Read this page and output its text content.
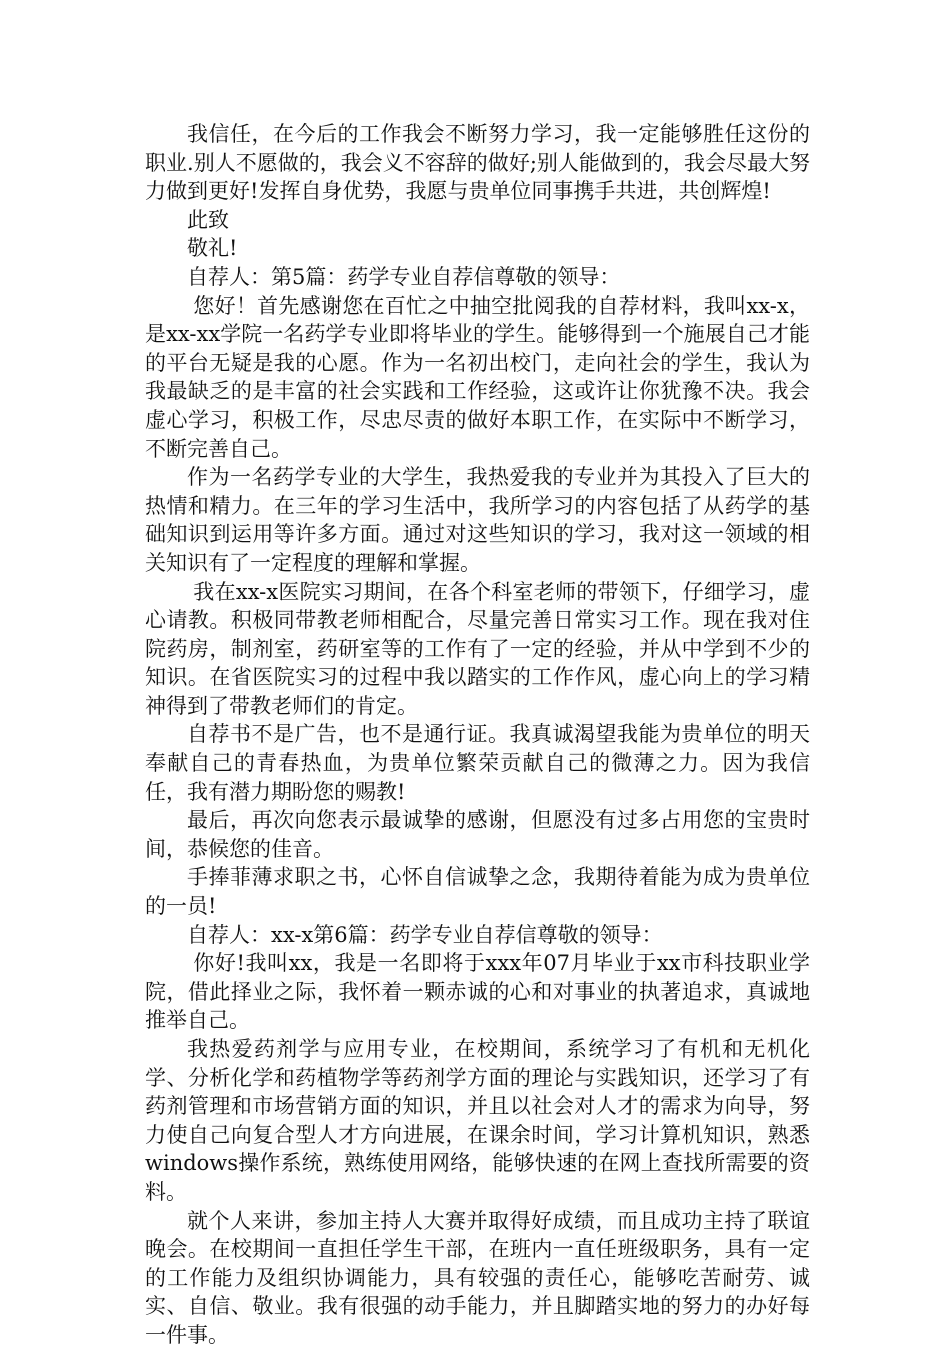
我信任，在今后的工作我会不断努力学习，我一定能够胜任这份的职业.别人不愿做的，我会义不容辞的做好;别人能做到的，我会尽最大努力做到更好!发挥自身优势，我愿与贵单位同事携手共进，共创辉煌!

此致

敬礼!

自荐人：第5篇：药学专业自荐信尊敬的领导：

您好！首先感谢您在百忙之中抽空批阅我的自荐材料，我叫xx-x，是xx-xx学院一名药学专业即将毕业的学生。能够得到一个施展自己才能的平台无疑是我的心愿。作为一名初出校门，走向社会的学生，我认为我最缺乏的是丰富的社会实践和工作经验，这或许让你犹豫不决。我会虚心学习，积极工作，尽忠尽责的做好本职工作，在实际中不断学习，不断完善自己。

作为一名药学专业的大学生，我热爱我的专业并为其投入了巨大的热情和精力。在三年的学习生活中，我所学习的内容包括了从药学的基础知识到运用等许多方面。通过对这些知识的学习，我对这一领域的相关知识有了一定程度的理解和掌握。

我在xx-x医院实习期间，在各个科室老师的带领下，仔细学习，虚心请教。积极同带教老师相配合，尽量完善日常实习工作。现在我对住院药房，制剂室，药研室等的工作有了一定的经验，并从中学到不少的知识。在省医院实习的过程中我以踏实的工作作风，虚心向上的学习精神得到了带教老师们的肯定。

自荐书不是广告，也不是通行证。我真诚渴望我能为贵单位的明天奉献自己的青春热血，为贵单位繁荣贡献自己的微薄之力。因为我信任，我有潜力期盼您的赐教!

最后，再次向您表示最诚挚的感谢，但愿没有过多占用您的宝贵时间，恭候您的佳音。

手捧菲薄求职之书，心怀自信诚挚之念，我期待着能为成为贵单位的一员!

自荐人：xx-x第6篇：药学专业自荐信尊敬的领导：

你好!我叫xx，我是一名即将于xxx年07月毕业于xx市科技职业学院，借此择业之际，我怀着一颗赤诚的心和对事业的执著追求，真诚地推举自己。

我热爱药剂学与应用专业，在校期间，系统学习了有机和无机化学、分析化学和药植物学等药剂学方面的理论与实践知识，还学习了有药剂管理和市场营销方面的知识，并且以社会对人才的需求为向导，努力使自己向复合型人才方向进展，在课余时间，学习计算机知识，熟悉windows操作系统，熟练使用网络，能够快速的在网上查找所需要的资料。

就个人来讲，参加主持人大赛并取得好成绩，而且成功主持了联谊晚会。在校期间一直担任学生干部，在班内一直任班级职务，具有一定的工作能力及组织协调能力，具有较强的责任心，能够吃苦耐劳、诚实、自信、敬业。我有很强的动手能力，并且脚踏实地的努力的办好每一件事。
